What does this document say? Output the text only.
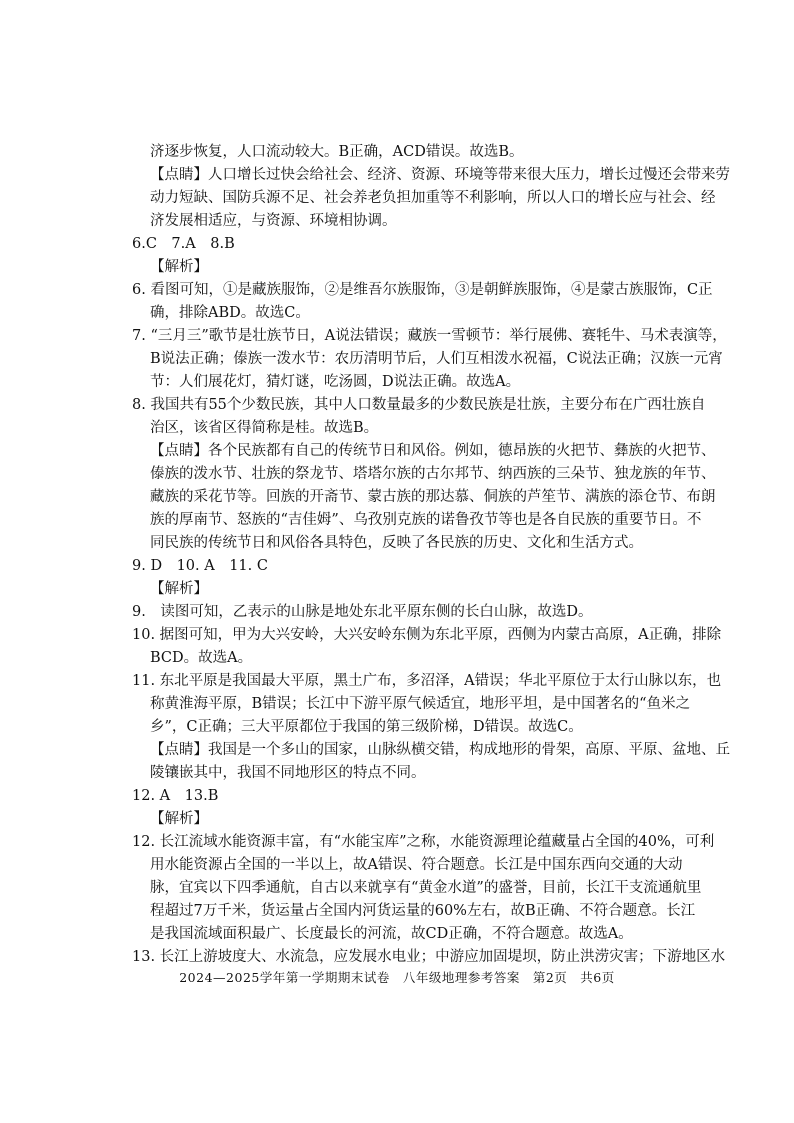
济逐步恢复，人口流动较大。B正确，ACD错误。故选B。
【点睛】人口增长过快会给社会、经济、资源、环境等带来很大压力，增长过慢还会带来劳
动力短缺、国防兵源不足、社会养老负担加重等不利影响，所以人口的增长应与社会、经
济发展相适应，与资源、环境相协调。
6.C　7.A　8.B
【解析】
6. 看图可知，①是藏族服饰，②是维吾尔族服饰，③是朝鲜族服饰，④是蒙古族服饰，C正
确，排除ABD。故选C。
7. “三月三”歌节是壮族节日，A说法错误；藏族一雪顿节：举行展佛、赛牦牛、马术表演等，
B说法正确；傣族一泼水节：农历清明节后，人们互相泼水祝福，C说法正确；汉族一元宵
节：人们展花灯，猜灯谜，吃汤圆，D说法正确。故选A。
8. 我国共有55个少数民族，其中人口数量最多的少数民族是壮族，主要分布在广西壮族自
治区，该省区得简称是桂。故选B。
【点睛】各个民族都有自己的传统节日和风俗。例如，德昂族的火把节、彝族的火把节、
傣族的泼水节、壮族的祭龙节、塔塔尔族的古尔邦节、纳西族的三朵节、独龙族的年节、
藏族的采花节等。回族的开斋节、蒙古族的那达慕、侗族的芦笙节、满族的添仓节、布朗
族的厚南节、怒族的“吉佳姆”、乌孜别克族的诺鲁孜节等也是各自民族的重要节日。不
同民族的传统节日和风俗各具特色，反映了各民族的历史、文化和生活方式。
9. D　10. A　11. C
【解析】
9.　读图可知，乙表示的山脉是地处东北平原东侧的长白山脉，故选D。
10. 据图可知，甲为大兴安岭，大兴安岭东侧为东北平原，西侧为内蒙古高原，A正确，排除
BCD。故选A。
11. 东北平原是我国最大平原，黑土广布，多沼泽，A错误；华北平原位于太行山脉以东，也
称黄淮海平原，B错误；长江中下游平原气候适宜，地形平坦，是中国著名的“鱼米之
乡”，C正确；三大平原都位于我国的第三级阶梯，D错误。故选C。
【点睛】我国是一个多山的国家，山脉纵横交错，构成地形的骨架，高原、平原、盆地、丘
陵镶嵌其中，我国不同地形区的特点不同。
12. A　13.B
【解析】
12. 长江流域水能资源丰富，有“水能宝库”之称，水能资源理论蕴藏量占全国的40%，可利
用水能资源占全国的一半以上，故A错误、符合题意。长江是中国东西向交通的大动
脉，宜宾以下四季通航，自古以来就享有“黄金水道”的盛誉，目前，长江干支流通航里
程超过7万千米，货运量占全国内河货运量的60%左右，故B正确、不符合题意。长江
是我国流域面积最广、长度最长的河流，故CD正确，不符合题意。故选A。
13. 长江上游坡度大、水流急，应发展水电业；中游应加固堤坝，防止洪涝灾害；下游地区水
2024—2025学年第一学期期末试卷　八年级地理参考答案　第2页　共6页
